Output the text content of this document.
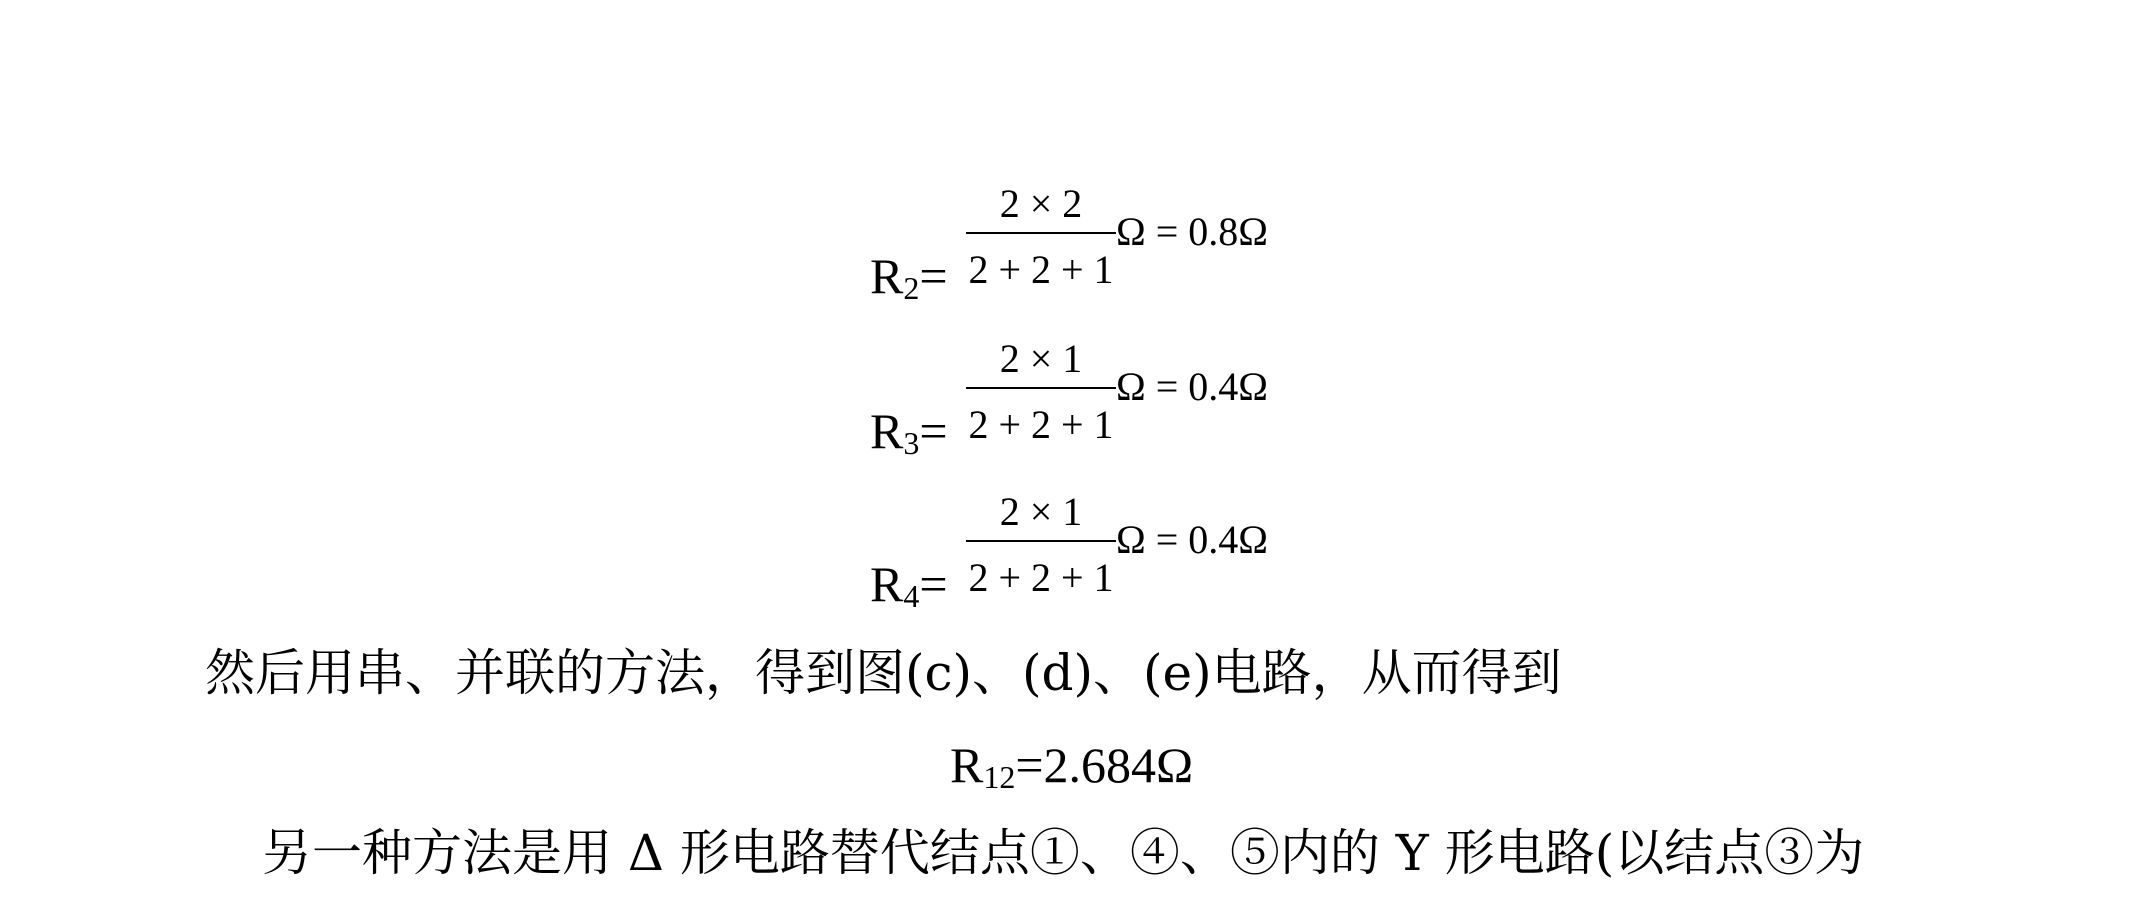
$R_2=$
2 × 2
2 + 2 + 1
Ω = 0.8Ω
$R_3=$
2 × 1
2 + 2 + 1
Ω = 0.4Ω
$R_4=$
2 × 1
2 + 2 + 1
Ω = 0.4Ω
然后用串、并联的方法，得到图(c)、(d)、(e)电路，从而得到
$R_{12}=2.684\Omega$
另一种方法是用 Δ 形电路替代结点①、④、⑤内的 Y 形电路(以结点③为
